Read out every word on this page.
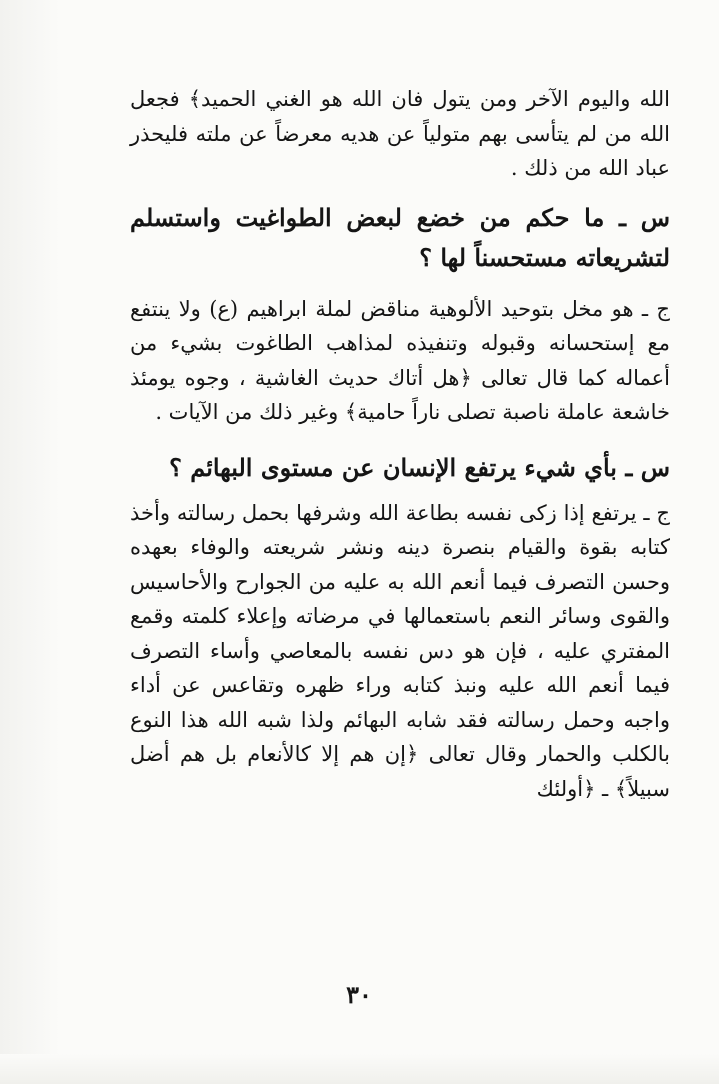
الله واليوم الآخر ومن يتول فان الله هو الغني الحميد﴾ فجعل الله من لم يتأسى بهم متولياً عن هديه معرضاً عن ملته فليحذر عباد الله من ذلك .

س ـ ما حكم من خضع لبعض الطواغيت واستسلم لتشريعاته مستحسناً لها ؟

ج ـ هو مخل بتوحيد الألوهية مناقض لملة ابراهيم (ع) ولا ينتفع مع إستحسانه وقبوله وتنفيذه لمذاهب الطاغوت بشيء من أعماله كما قال تعالى ﴿هل أتاك حديث الغاشية ، وجوه يومئذ خاشعة عاملة ناصبة تصلى ناراً حامية﴾ وغير ذلك من الآيات .

س ـ بأي شيء يرتفع الإنسان عن مستوى البهائم ؟

ج ـ يرتفع إذا زكى نفسه بطاعة الله وشرفها بحمل رسالته وأخذ كتابه بقوة والقيام بنصرة دينه ونشر شريعته والوفاء بعهده وحسن التصرف فيما أنعم الله به عليه من الجوارح والأحاسيس والقوى وسائر النعم باستعمالها في مرضاته وإعلاء كلمته وقمع المفتري عليه ، فإن هو دس نفسه بالمعاصي وأساء التصرف فيما أنعم الله عليه ونبذ كتابه وراء ظهره وتقاعس عن أداء واجبه وحمل رسالته فقد شابه البهائم ولذا شبه الله هذا النوع بالكلب والحمار وقال تعالى ﴿إن هم إلا كالأنعام بل هم أضل سبيلاً﴾ ـ ﴿أولئك

٣٠
